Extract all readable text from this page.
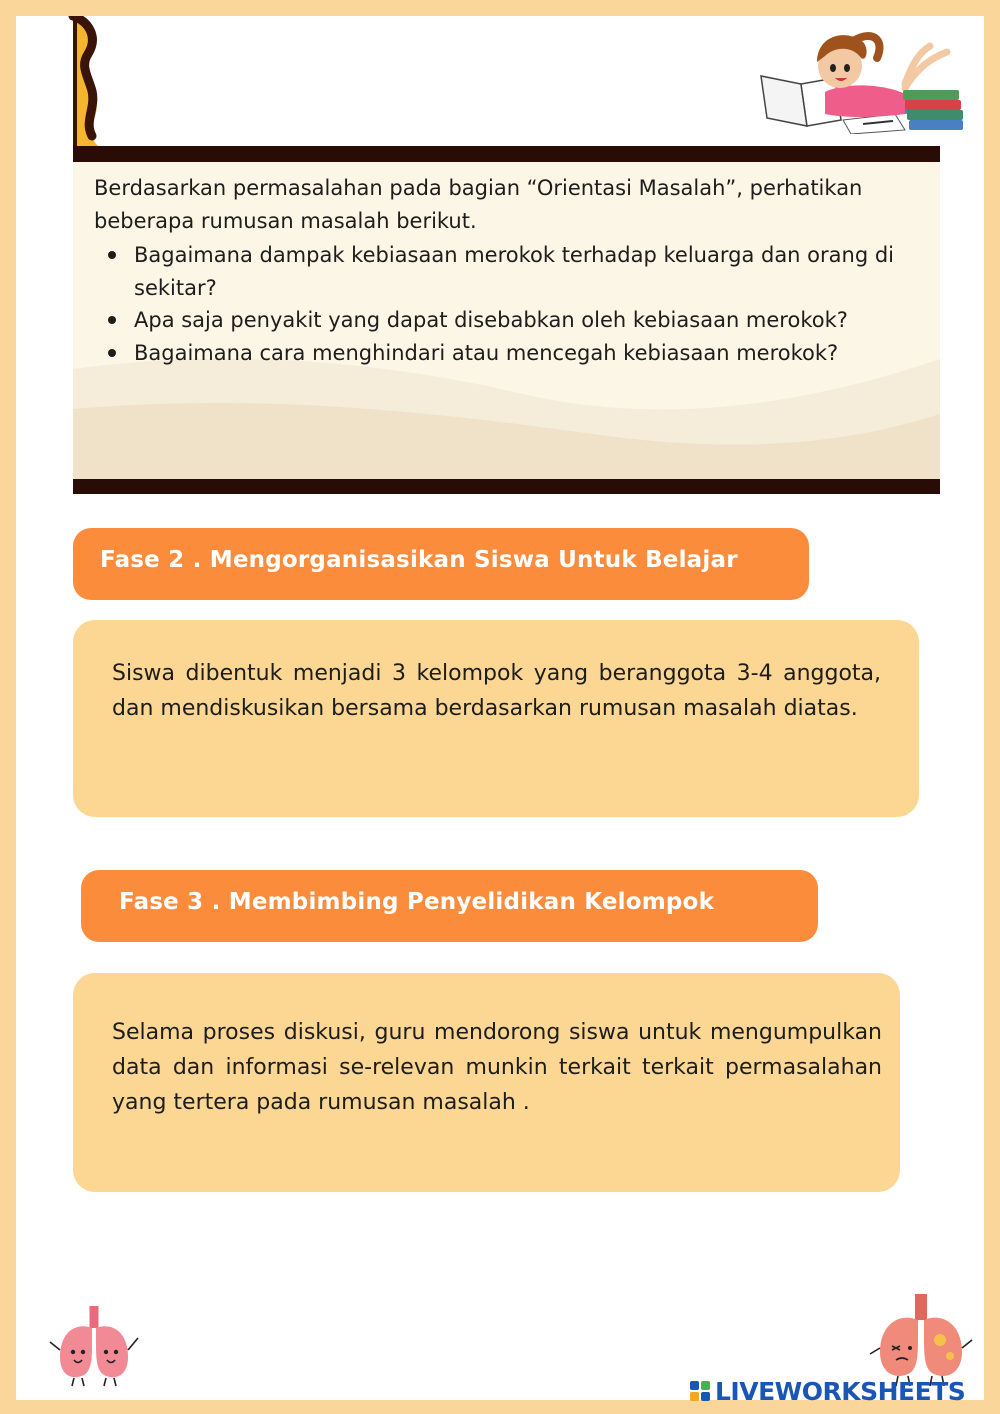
Berdasarkan permasalahan pada bagian “Orientasi Masalah”, perhatikan beberapa rumusan masalah berikut.

Bagaimana dampak kebiasaan merokok terhadap keluarga dan orang di sekitar?
Apa saja penyakit yang dapat disebabkan oleh kebiasaan merokok?
Bagaimana cara menghindari atau mencegah kebiasaan merokok?
Fase 2 . Mengorganisasikan Siswa Untuk Belajar
Siswa dibentuk menjadi 3 kelompok yang beranggota 3-4 anggota, dan mendiskusikan bersama berdasarkan rumusan masalah diatas.
Fase 3 . Membimbing Penyelidikan Kelompok
Selama proses diskusi, guru mendorong siswa untuk mengumpulkan data dan informasi se-relevan munkin terkait terkait permasalahan yang tertera pada rumusan masalah .
LIVEWORKSHEETS
